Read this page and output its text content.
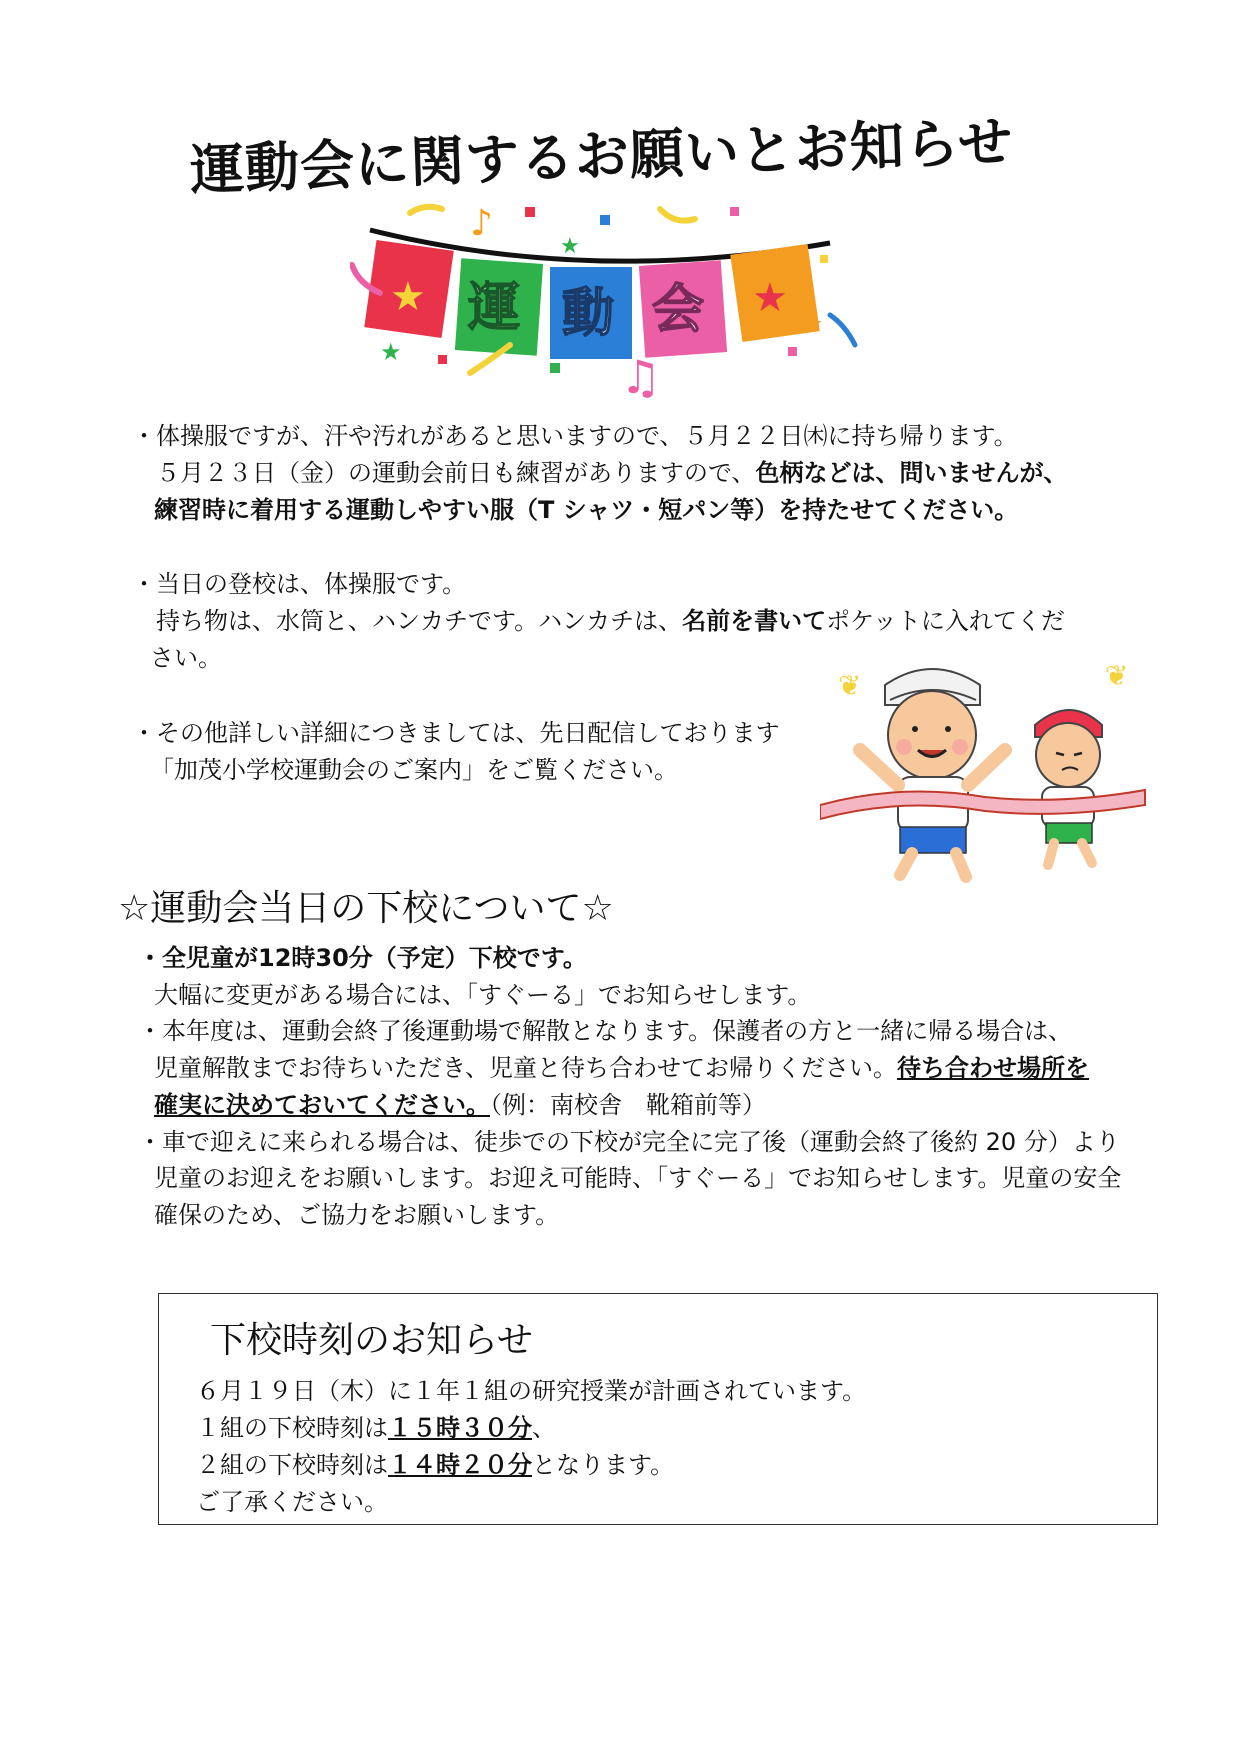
運動会に関するお願いとお知らせ
♪
★
★ 運 動 会 ★
★	♫
★
・体操服ですが、汗や汚れがあると思いますので、５月２２日㈭に持ち帰ります。
５月２３日（金）の運動会前日も練習がありますので、色柄などは、問いませんが、
練習時に着用する運動しやすい服（T シャツ・短パン等）を持たせてください。
・当日の登校は、体操服です。
持ち物は、水筒と、ハンカチです。ハンカチは、名前を書いてポケットに入れてくだ
さい。
・その他詳しい詳細につきましては、先日配信しております
「加茂小学校運動会のご案内」をご覧ください。
❦	❦
☆運動会当日の下校について☆
・全児童が12時30分（予定）下校です。
大幅に変更がある場合には、「すぐーる」でお知らせします。
・本年度は、運動会終了後運動場で解散となります。保護者の方と一緒に帰る場合は、
児童解散までお待ちいただき、児童と待ち合わせてお帰りください。待ち合わせ場所を
確実に決めておいてください。（例：南校舎　靴箱前等）
・車で迎えに来られる場合は、徒歩での下校が完全に完了後（運動会終了後約 20 分）より
児童のお迎えをお願いします。お迎え可能時、「すぐーる」でお知らせします。児童の安全
確保のため、ご協力をお願いします。
下校時刻のお知らせ
６月１９日（木）に１年１組の研究授業が計画されています。
１組の下校時刻は１５時３０分、
２組の下校時刻は１４時２０分となります。
ご了承ください。
